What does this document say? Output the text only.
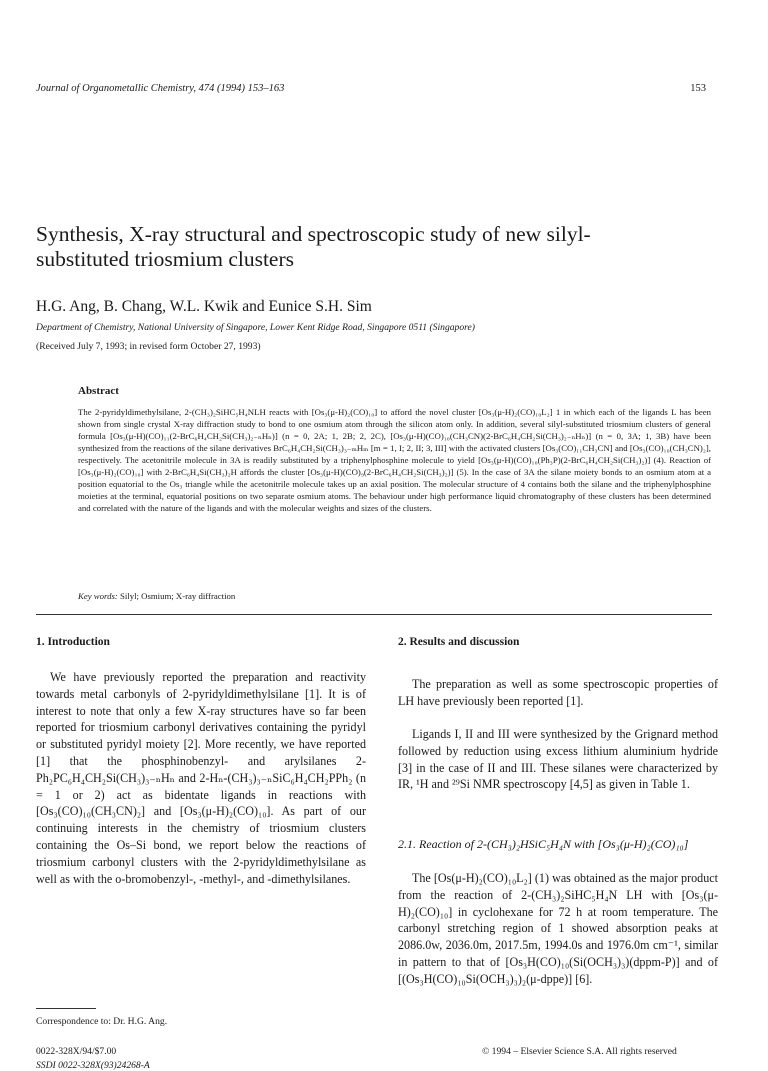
Journal of Organometallic Chemistry, 474 (1994) 153–163	153
Synthesis, X-ray structural and spectroscopic study of new silyl-substituted triosmium clusters
H.G. Ang, B. Chang, W.L. Kwik and Eunice S.H. Sim
Department of Chemistry, National University of Singapore, Lower Kent Ridge Road, Singapore 0511 (Singapore)
(Received July 7, 1993; in revised form October 27, 1993)
Abstract

The 2-pyridyldimethylsilane, 2-(CH₃)₂SiHC₅H₄NLH reacts with [Os₃(μ-H)₂(CO)₁₀] to afford the novel cluster [Os₃(μ-H)₂(CO)₁₀L₂] 1 in which each of the ligands L has been shown from single crystal X-ray diffraction study to bond to one osmium atom through the silicon atom only. In addition, several silyl-substituted triosmium clusters of general formula [Os₃(μ-H)(CO)₁₁(2-BrC₆H₄CH₂Si(CH₃)₂₋ₙHₙ)] (n = 0, 2A; 1, 2B; 2, 2C), [Os₃(μ-H)(CO)₁₀(CH₃CN)(2-BrC₆H₄CH₂Si(CH₃)₂₋ₙHₙ)] (n = 0, 3A; 1, 3B) have been synthesized from the reactions of the silane derivatives BrC₆H₄CH₂Si(CH₃)₃₋ₘHₘ [m = 1, I; 2, II; 3, III] with the activated clusters [Os₃(CO)₁₁CH₃CN] and [Os₃(CO)₁₀(CH₃CN)₂], respectively. The acetonitrile molecule in 3A is readily substituted by a triphenylphosphine molecule to yield [Os₃(μ-H)(CO)₁₀(Ph₃P)(2-BrC₆H₄CH₂Si(CH₃)₂)] (4). Reaction of [Os₃(μ-H)₂(CO)₁₀] with 2-BrC₆H₄Si(CH₃)₂H affords the cluster [Os₃(μ-H)(CO)₉(2-BrC₆H₄CH₂Si(CH₃)₂)] (5). In the case of 3A the silane moiety bonds to an osmium atom at a position equatorial to the Os₃ triangle while the acetonitrile molecule takes up an axial position. The molecular structure of 4 contains both the silane and the triphenylphosphine moieties at the terminal, equatorial positions on two separate osmium atoms. The behaviour under high performance liquid chromatography of these clusters has been determined and correlated with the nature of the ligands and with the molecular weights and sizes of the clusters.

Key words: Silyl; Osmium; X-ray diffraction
1. Introduction

We have previously reported the preparation and reactivity towards metal carbonyls of 2-pyridyldimethylsilane [1]. It is of interest to note that only a few X-ray structures have so far been reported for triosmium carbonyl derivatives containing the pyridyl or substituted pyridyl moiety [2]. More recently, we have reported [1] that the phosphinobenzyl- and arylsilanes 2-Ph₂PC₆H₄CH₂Si(CH₃)₃₋ₙHₙ and 2-Hₙ-(CH₃)₃₋ₙSiC₆H₄CH₂PPh₂ (n = 1 or 2) act as bidentate ligands in reactions with [Os₃(CO)₁₀(CH₃CN)₂] and [Os₃(μ-H)₂(CO)₁₀]. As part of our continuing interests in the chemistry of triosmium clusters containing the Os–Si bond, we report below the reactions of triosmium carbonyl clusters with the 2-pyridyldimethylsilane as well as with the o-bromobenzyl-, -methyl-, and -dimethylsilanes.

2. Results and discussion

The preparation as well as some spectroscopic properties of LH have previously been reported [1].

Ligands I, II and III were synthesized by the Grignard method followed by reduction using excess lithium aluminium hydride [3] in the case of II and III. These silanes were characterized by IR, ¹H and ²⁹Si NMR spectroscopy [4,5] as given in Table 1.

2.1. Reaction of 2-(CH₃)₂HSiC₅H₄N with [Os₃(μ-H)₂(CO)₁₀]

The [Os(μ-H)₂(CO)₁₀L₂] (1) was obtained as the major product from the reaction of 2-(CH₃)₂SiHC₅H₄N LH with [Os₃(μ-H)₂(CO)₁₀] in cyclohexane for 72 h at room temperature. The carbonyl stretching region of 1 showed absorption peaks at 2086.0w, 2036.0m, 2017.5m, 1994.0s and 1976.0m cm⁻¹, similar in pattern to that of [Os₃H(CO)₁₀(Si(OCH₃)₃)(dppm-P)] and of [(Os₃H(CO)₁₀Si(OCH₃)₃)₂(μ-dppe)] [6].

Correspondence to: Dr. H.G. Ang.
0022-328X/94/$7.00
SSDI 0022-328X(93)24268-A
© 1994 – Elsevier Science S.A. All rights reserved
